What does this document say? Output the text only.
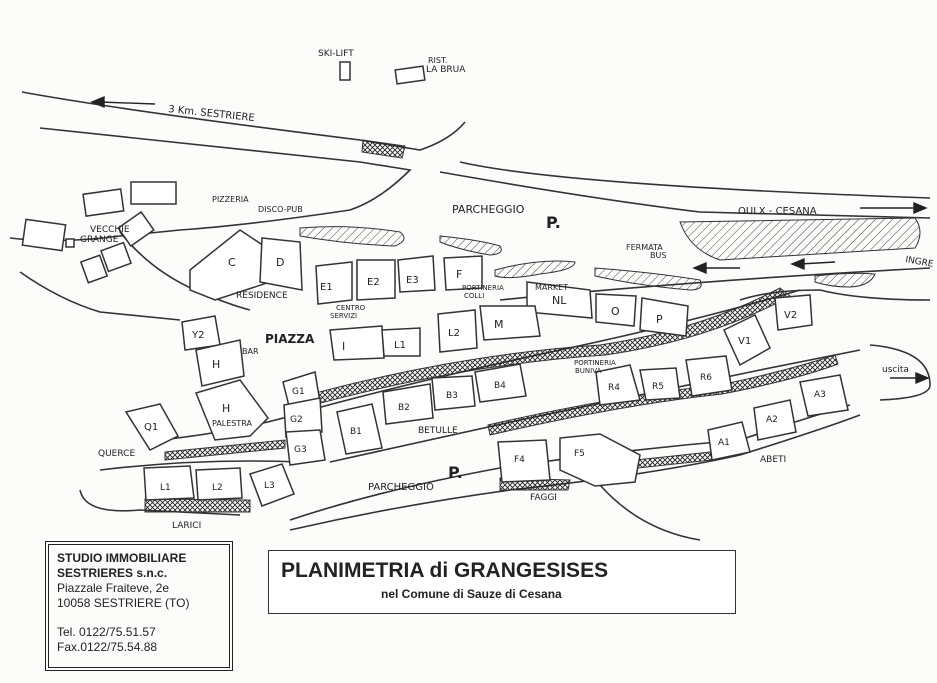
SKI-LIFT
RIST.
LA BRUA
3 Km. SESTRIERE
OULX - CESANA
INGRE
VECCHIE
GRANGE
PIZZERIA
DISCO-PUB
RESIDENCE
PARCHEGGIO
P.
FERMATA
BUS
PORTINERIA
COLLI
MARKET
CENTRO
SERVIZI
PIAZZA
BAR
PALESTRA
QUERCE
BETULLE
PORTINERIA
BUNIVA	uscita
ABETI
PARCHEGGIO
P.
FAGGI
LARICI
C	D
E1	E2	E3	F
NL
O
P
V1
V2
Y2
H
H
I	L1
L2
M
G1
G2
G3
Q1	B1
B2
B3
B4	R4	R5
R6
A1
A2
A3
F4
F5
L1	L2	L3
STUDIO IMMOBILIARE
SESTRIERES s.n.c.
Piazzale Fraiteve, 2e
10058 SESTRIERE (TO)
Tel. 0122/75.51.57
Fax.0122/75.54.88
PLANIMETRIA di GRANGESISES
nel Comune di Sauze di Cesana
